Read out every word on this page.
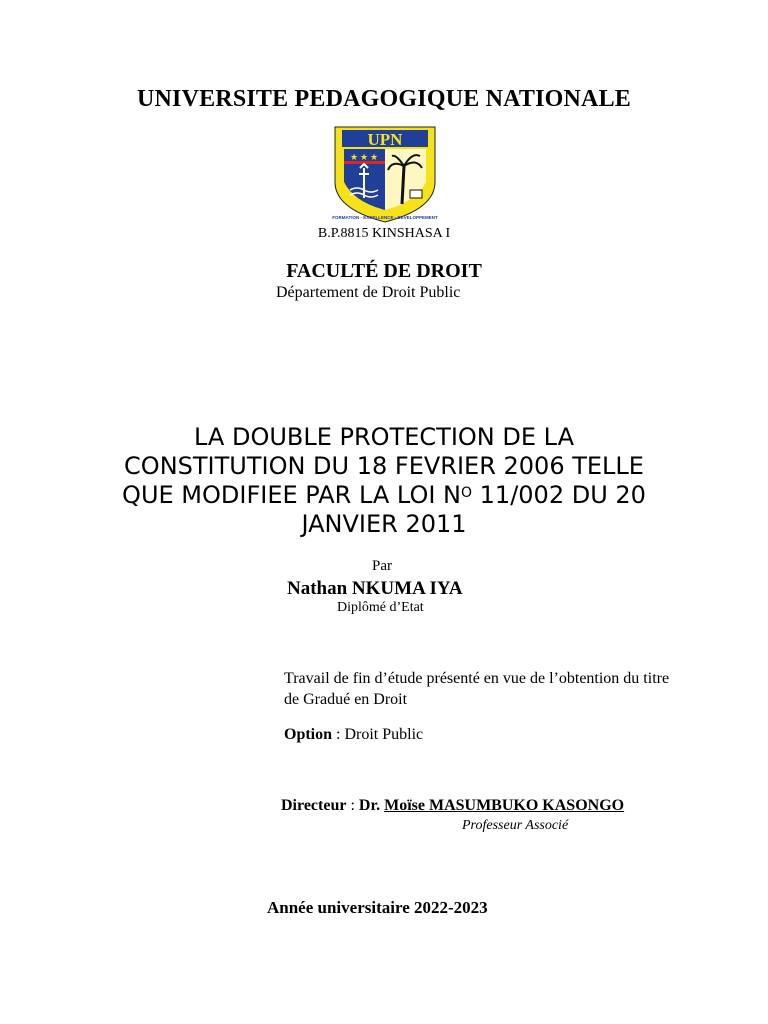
UNIVERSITE PEDAGOGIQUE NATIONALE
UPN
★ ★ ★
FORMATION - EXCELLENCE - DEVELOPPEMENT
B.P.8815 KINSHASA I
FACULTÉ DE DROIT
Département de Droit Public
LA DOUBLE PROTECTION DE LA
CONSTITUTION DU 18 FEVRIER 2006 TELLE
QUE MODIFIEE PAR LA LOI $N^O$ 11/002 DU 20
JANVIER 2011
Par
Nathan NKUMA IYA
Diplômé d’Etat
Travail de fin d’étude présenté en vue de l’obtention du titre de Gradué en Droit
Option : Droit Public
Directeur : Dr. Moïse MASUMBUKO KASONGO
Professeur Associé
Année universitaire 2022-2023
